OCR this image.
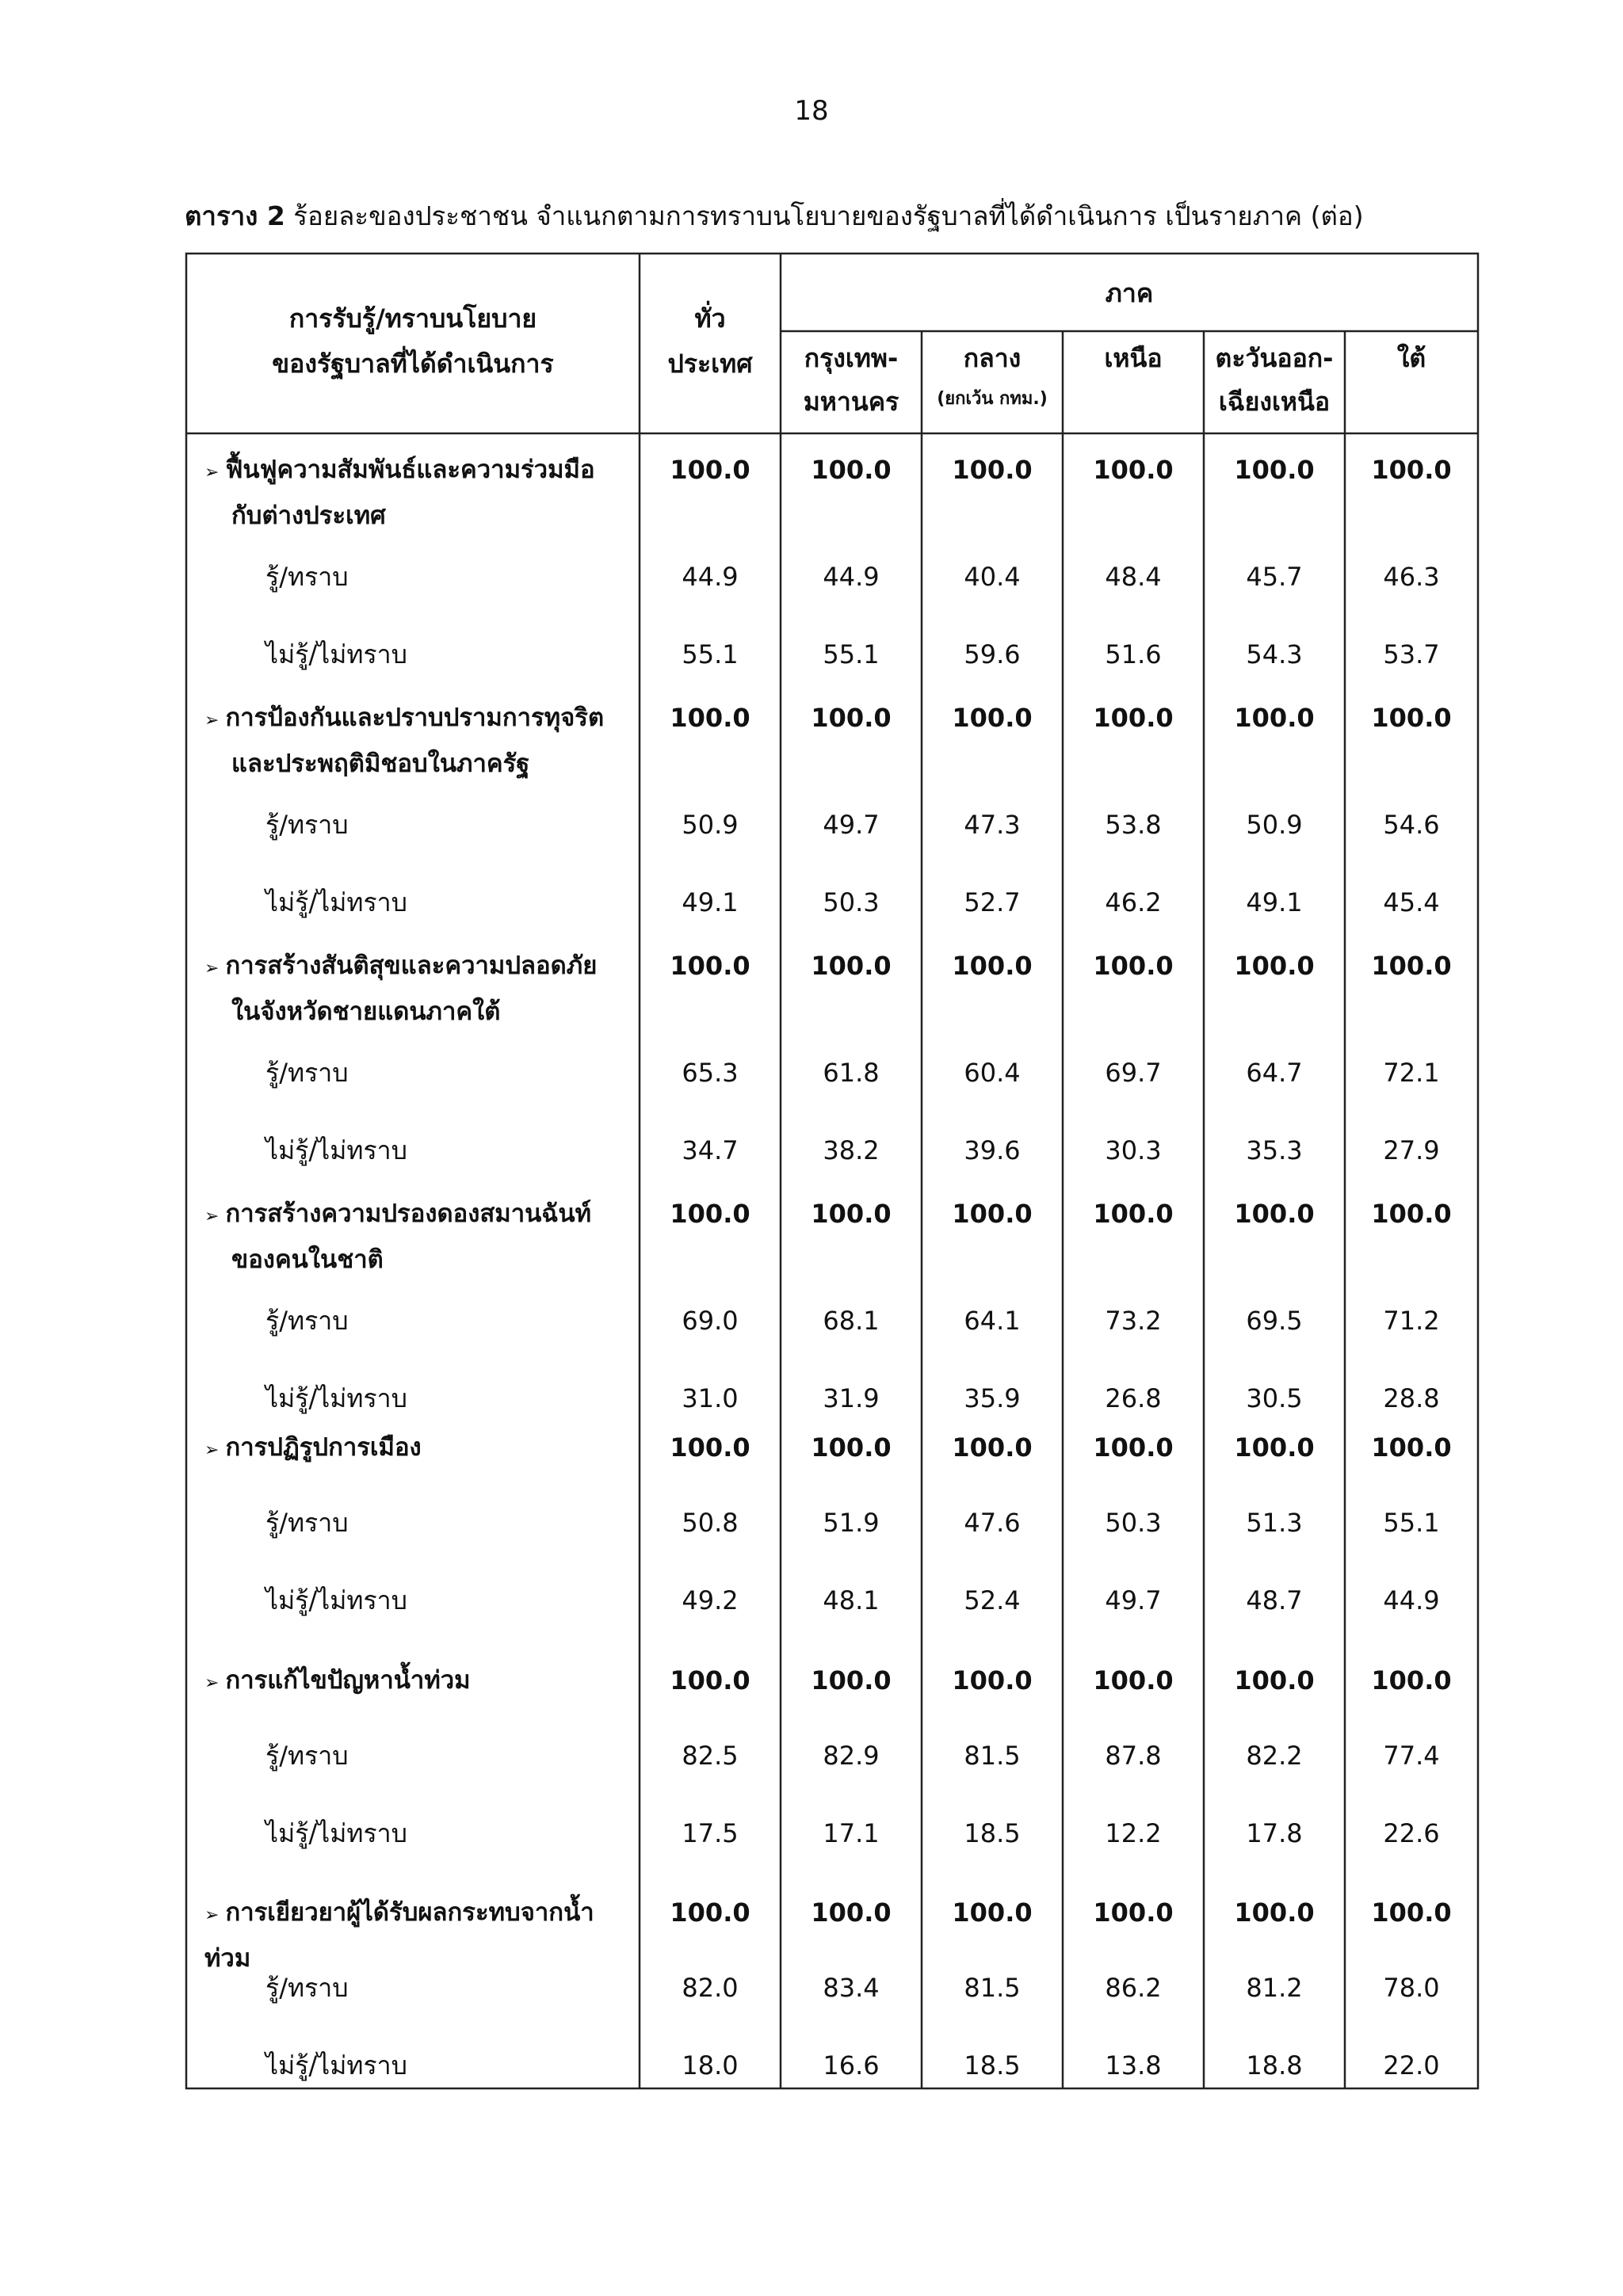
18
ตาราง 2 ร้อยละของประชาชน จำแนกตามการทราบนโยบายของรัฐบาลที่ได้ดำเนินการ เป็นรายภาค (ต่อ)
การรับรู้/ทราบนโยบาย
ของรัฐบาลที่ได้ดำเนินการ
ทั่ว
ประเทศ
ภาค
กรุงเทพ-
มหานคร
กลาง
(ยกเว้น กทม.)
เหนือ	ตะวันออก-
เฉียงเหนือ
ใต้
➢ ฟื้นฟูความสัมพันธ์และความร่วมมือ
กับต่างประเทศ
รู้/ทราบ
ไม่รู้/ไม่ทราบ
100.0
44.9
55.1
100.0
44.9
55.1
100.0
40.4
59.6
100.0
48.4
51.6
100.0
45.7
54.3
100.0
46.3
53.7
➢ การป้องกันและปราบปรามการทุจริต
และประพฤติมิชอบในภาครัฐ
รู้/ทราบ
ไม่รู้/ไม่ทราบ
100.0
50.9
49.1
100.0
49.7
50.3
100.0
47.3
52.7
100.0
53.8
46.2
100.0
50.9
49.1
100.0
54.6
45.4
➢ การสร้างสันติสุขและความปลอดภัย
ในจังหวัดชายแดนภาคใต้
รู้/ทราบ
ไม่รู้/ไม่ทราบ
100.0
65.3
34.7
100.0
61.8
38.2
100.0
60.4
39.6
100.0
69.7
30.3
100.0
64.7
35.3
100.0
72.1
27.9
➢ การสร้างความปรองดองสมานฉันท์
ของคนในชาติ
รู้/ทราบ
ไม่รู้/ไม่ทราบ
100.0
69.0
31.0
100.0
68.1
31.9
100.0
64.1
35.9
100.0
73.2
26.8
100.0
69.5
30.5
100.0
71.2
28.8
➢ การปฏิรูปการเมือง
รู้/ทราบ
ไม่รู้/ไม่ทราบ
100.0
50.8
49.2
100.0
51.9
48.1
100.0
47.6
52.4
100.0
50.3
49.7
100.0
51.3
48.7
100.0
55.1
44.9
➢ การแก้ไขปัญหาน้ำท่วม
รู้/ทราบ
ไม่รู้/ไม่ทราบ
100.0
82.5
17.5
100.0
82.9
17.1
100.0
81.5
18.5
100.0
87.8
12.2
100.0
82.2
17.8
100.0
77.4
22.6
➢ การเยียวยาผู้ได้รับผลกระทบจากน้ำท่วม
รู้/ทราบ
ไม่รู้/ไม่ทราบ
100.0
82.0
18.0
100.0
83.4
16.6
100.0
81.5
18.5
100.0
86.2
13.8
100.0
81.2
18.8
100.0
78.0
22.0
